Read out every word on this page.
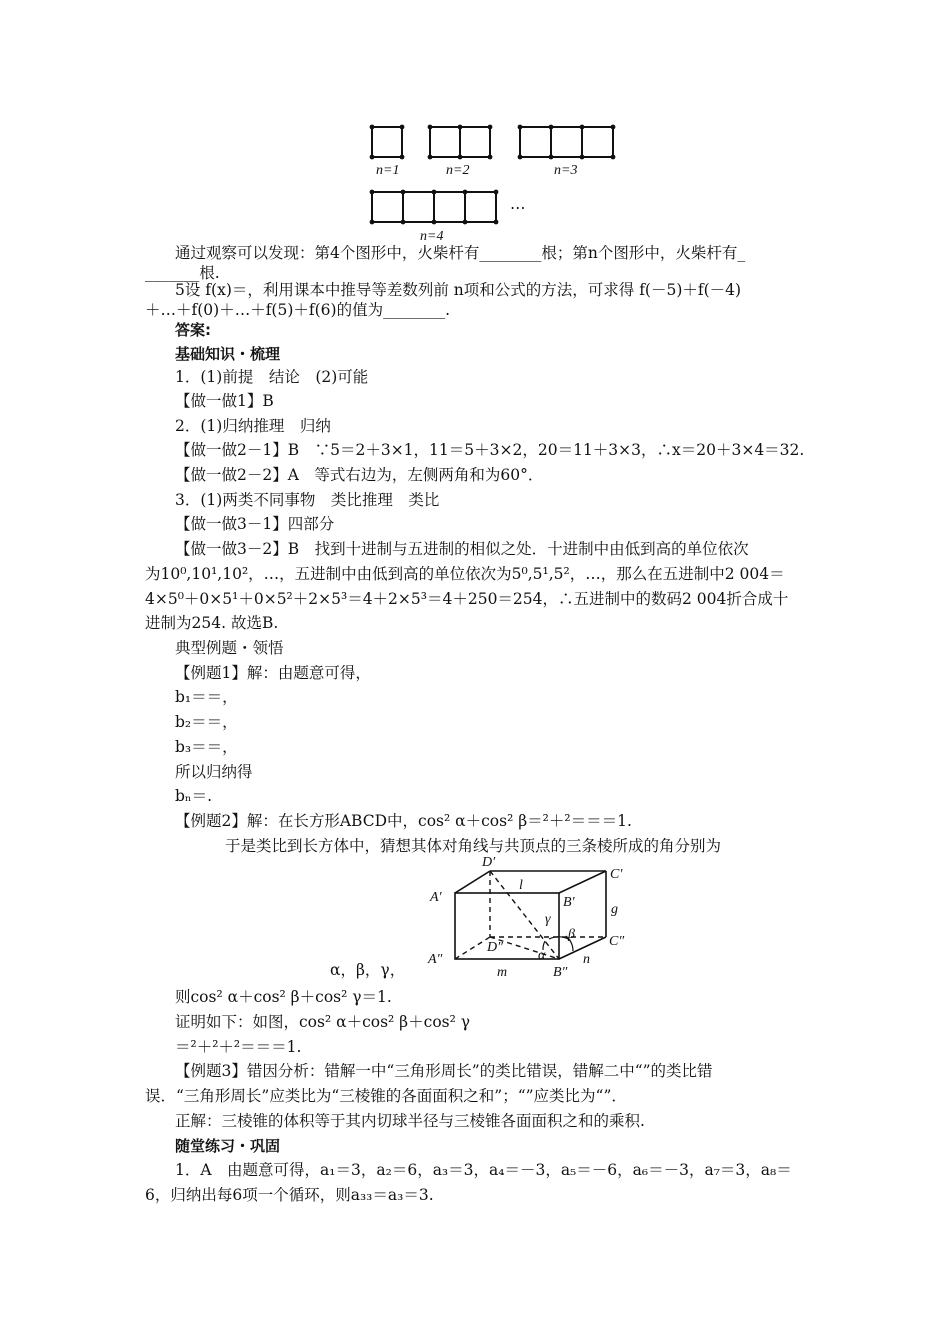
n=1	n=2	n=3
n=4
…
通过观察可以发现：第4个图形中，火柴杆有________根；第n个图形中，火柴杆有_
_______根.
5设 f(x)＝，利用课本中推导等差数列前 n项和公式的方法，可求得 f(－5)＋f(－4)
＋…＋f(0)＋…＋f(5)＋f(6)的值为________.
答案:
基础知识・梳理
1．(1)前提　结论　(2)可能
【做一做1】B
2．(1)归纳推理　归纳
【做一做2－1】B　∵5＝2＋3×1，11＝5＋3×2，20＝11＋3×3，∴x＝20＋3×4＝32.
【做一做2－2】A　等式右边为，左侧两角和为60°．
3．(1)两类不同事物　类比推理　类比
【做一做3－1】四部分
【做一做3－2】B　找到十进制与五进制的相似之处．十进制中由低到高的单位依次
为10⁰,10¹,10²，…，五进制中由低到高的单位依次为5⁰,5¹,5²，…，那么在五进制中2 004＝
4×5⁰＋0×5¹＋0×5²＋2×5³＝4＋2×5³＝4＋250＝254，∴五进制中的数码2 004折合成十
进制为254. 故选B.
典型例题・领悟
【例题1】解：由题意可得，
b₁＝＝，
b₂＝＝，
b₃＝＝，
所以归纳得
bₙ＝.
【例题2】解：在长方形ABCD中，cos² α＋cos² β＝²＋²＝＝＝1.
于是类比到长方体中，猜想其体对角线与共顶点的三条棱所成的角分别为
D′
C′
A′	B′
D″	C″
A″
B″
l
g
m
n
α
β
γ
α，β，γ，
则cos² α＋cos² β＋cos² γ＝1.
证明如下：如图，cos² α＋cos² β＋cos² γ
＝²＋²＋²＝＝＝1.
【例题3】错因分析：错解一中“三角形周长”的类比错误，错解二中“”的类比错
误．“三角形周长”应类比为“三棱锥的各面面积之和”；“”应类比为“”．
正解：三棱锥的体积等于其内切球半径与三棱锥各面面积之和的乘积.
随堂练习・巩固
1．A　由题意可得，a₁＝3，a₂＝6，a₃＝3，a₄＝－3，a₅＝－6，a₆＝－3，a₇＝3，a₈＝
6，归纳出每6项一个循环，则a₃₃＝a₃＝3.
